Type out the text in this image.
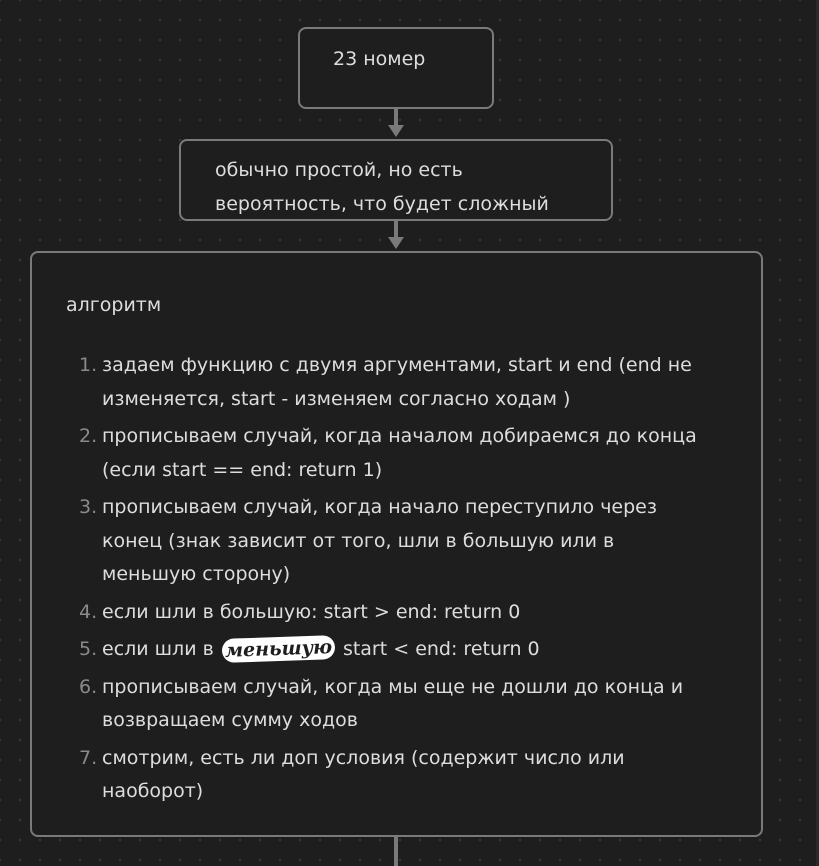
23 номер
обычно простой, но есть вероятность, что будет сложный
алгоритм
1. задаем функцию с двумя аргументами, start и end (end не изменяется, start - изменяем согласно ходам )
2. прописываем случай, когда началом добираемся до конца (если start == end: return 1)
3. прописываем случай, когда начало переступило через конец (знак зависит от того, шли в большую или в меньшую сторону)
4. если шли в большую: start > end: return 0
5. если шли в меньшую start < end: return 0
6. прописываем случай, когда мы еще не дошли до конца и возвращаем сумму ходов
7. смотрим, есть ли доп условия (содержит число или наоборот)
